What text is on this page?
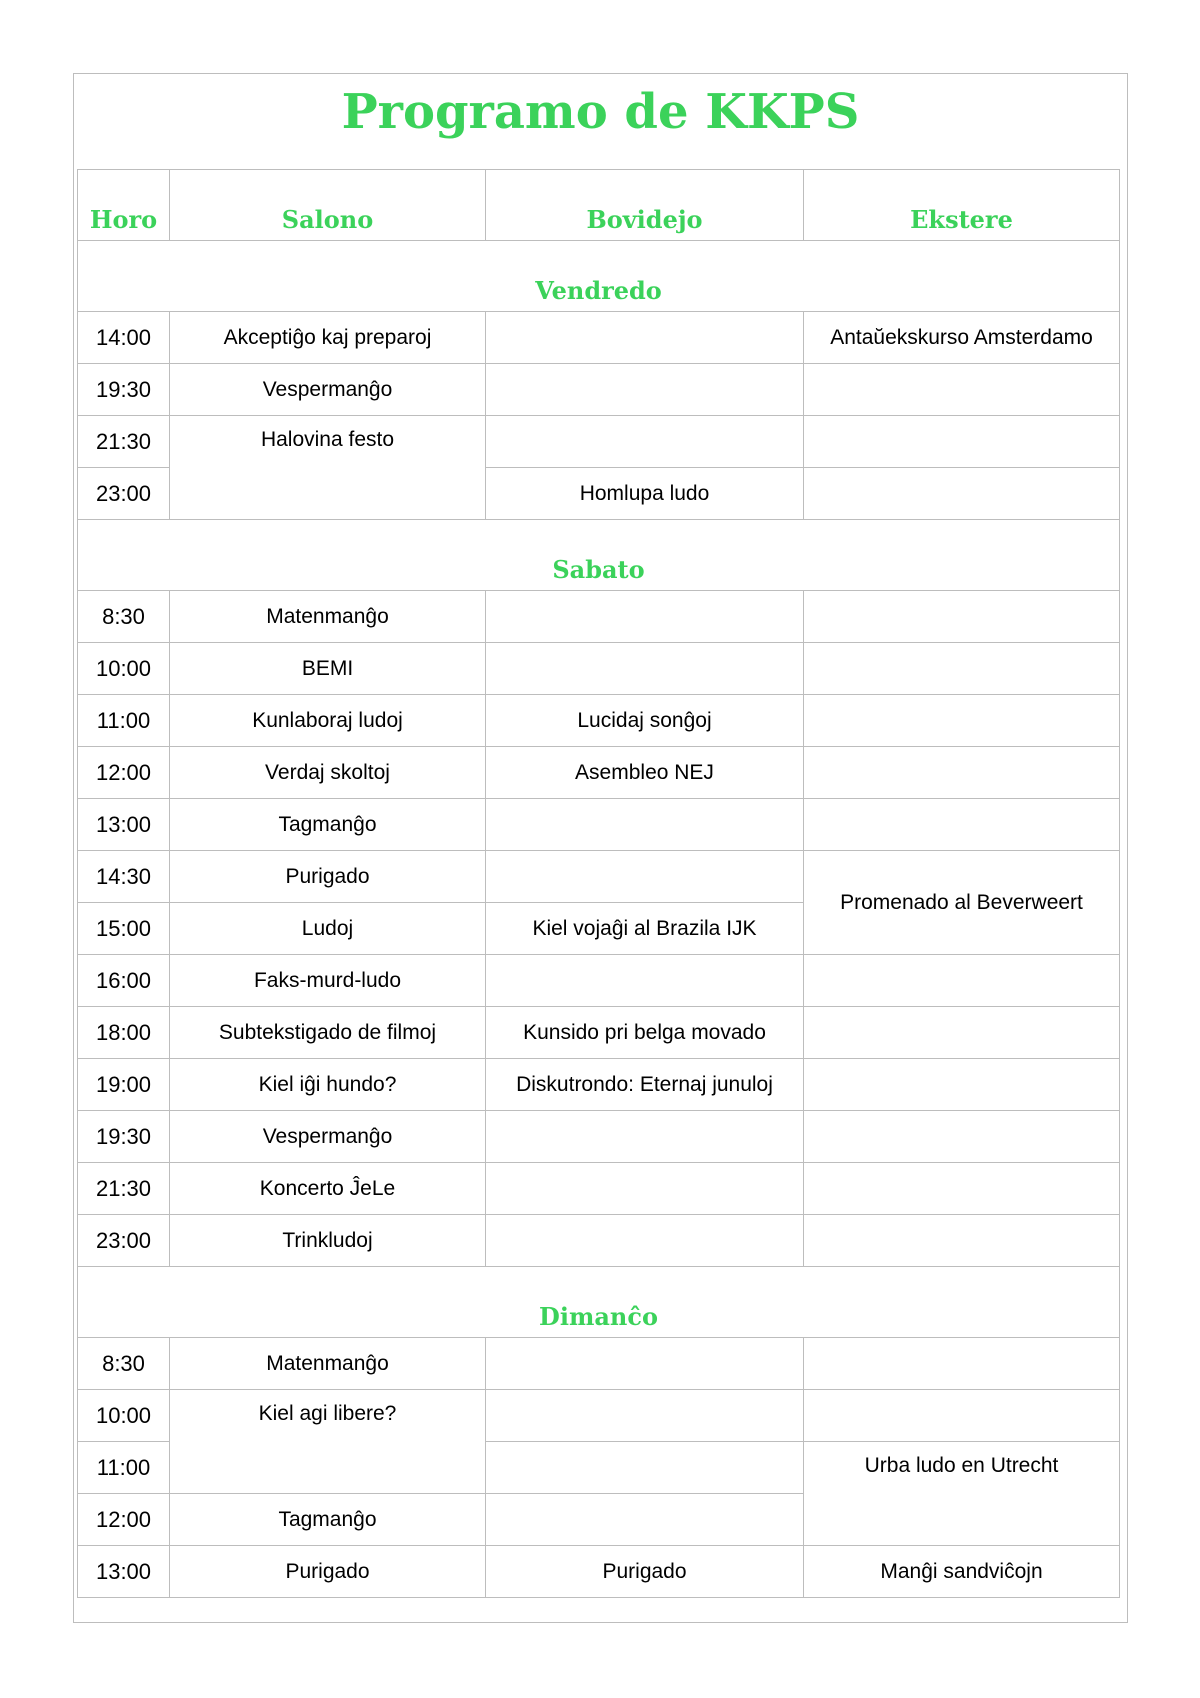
Programo de KKPS
Horo	Salono	Bovidejo	Ekstere
Vendredo			
14:00	Akceptiĝo kaj preparoj		Antaŭekskurso Amsterdamo
19:30	Vespermanĝo		
21:30	Halovina festo		
23:00		Homlupa ludo	
Sabato			
8:30	Matenmanĝo		
10:00	BEMI		
11:00	Kunlaboraj ludoj	Lucidaj sonĝoj	
12:00	Verdaj skoltoj	Asembleo NEJ	
13:00	Tagmanĝo		
14:30	Purigado		Promenado al Beverweert
15:00	Ludoj	Kiel vojaĝi al Brazila IJK	
16:00	Faks-murd-ludo		
18:00	Subtekstigado de filmoj	Kunsido pri belga movado	
19:00	Kiel iĝi hundo?	Diskutrondo: Eternaj junuloj	
19:30	Vespermanĝo		
21:30	Koncerto ĴeLe		
23:00	Trinkludoj		
Dimanĉo			
8:30	Matenmanĝo		
10:00	Kiel agi libere?		
11:00			Urba ludo en Utrecht
12:00	Tagmanĝo		
13:00	Purigado	Purigado	Manĝi sandviĉojn
